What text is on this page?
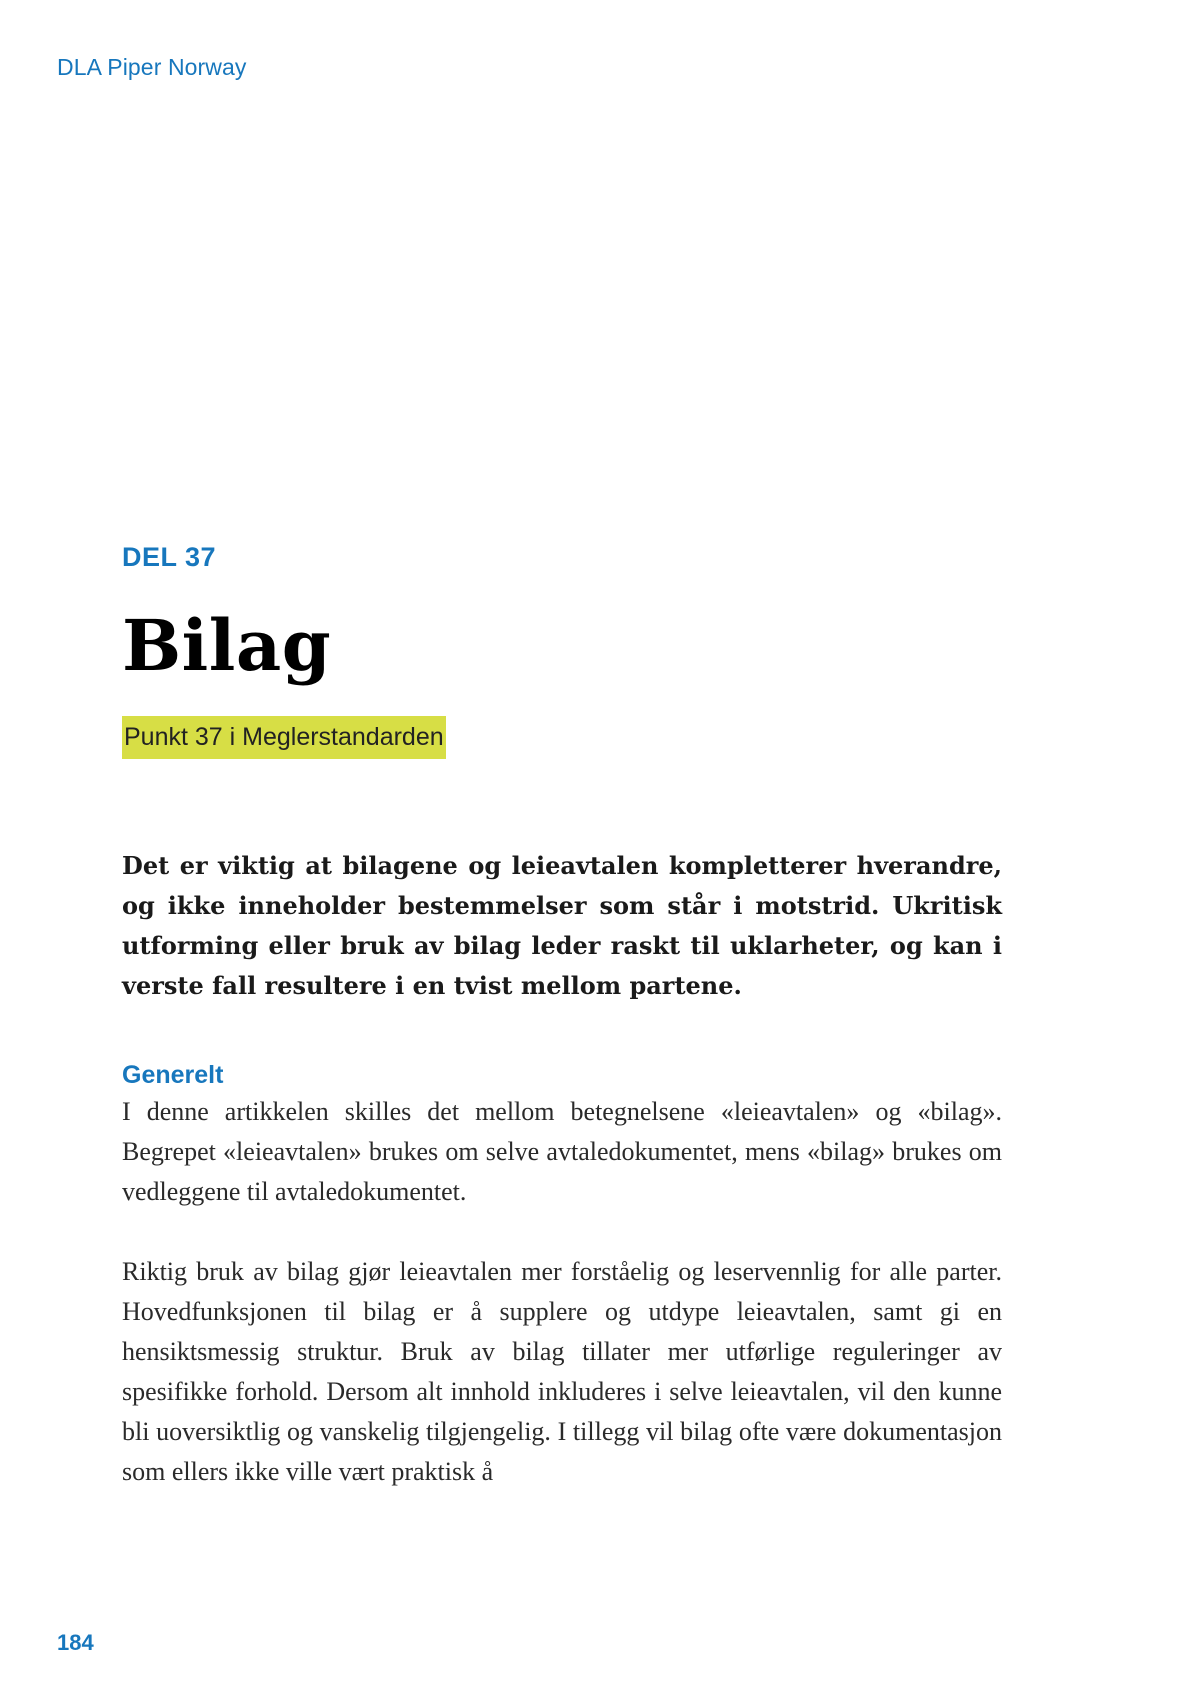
DLA Piper Norway

DEL 37

Bilag
Punkt 37 i Meglerstandarden

Det er viktig at bilagene og leieavtalen kompletterer hverandre, og ikke inneholder bestemmelser som står i motstrid. Ukritisk utforming eller bruk av bilag leder raskt til uklarheter, og kan i verste fall resultere i en tvist mellom partene.

Generelt

I denne artikkelen skilles det mellom betegnelsene «leieavtalen» og «bilag». Begrepet «leieavtalen» brukes om selve avtaledokumentet, mens «bilag» brukes om vedleggene til avtaledokumentet.

Riktig bruk av bilag gjør leieavtalen mer forståelig og leservennlig for alle parter. Hovedfunksjonen til bilag er å supplere og utdype leieavtalen, samt gi en hensiktsmessig struktur. Bruk av bilag tillater mer utførlige reguleringer av spesifikke forhold. Dersom alt innhold inkluderes i selve leieavtalen, vil den kunne bli uoversiktlig og vanskelig tilgjengelig. I tillegg vil bilag ofte være dokumentasjon som ellers ikke ville vært praktisk å

184
